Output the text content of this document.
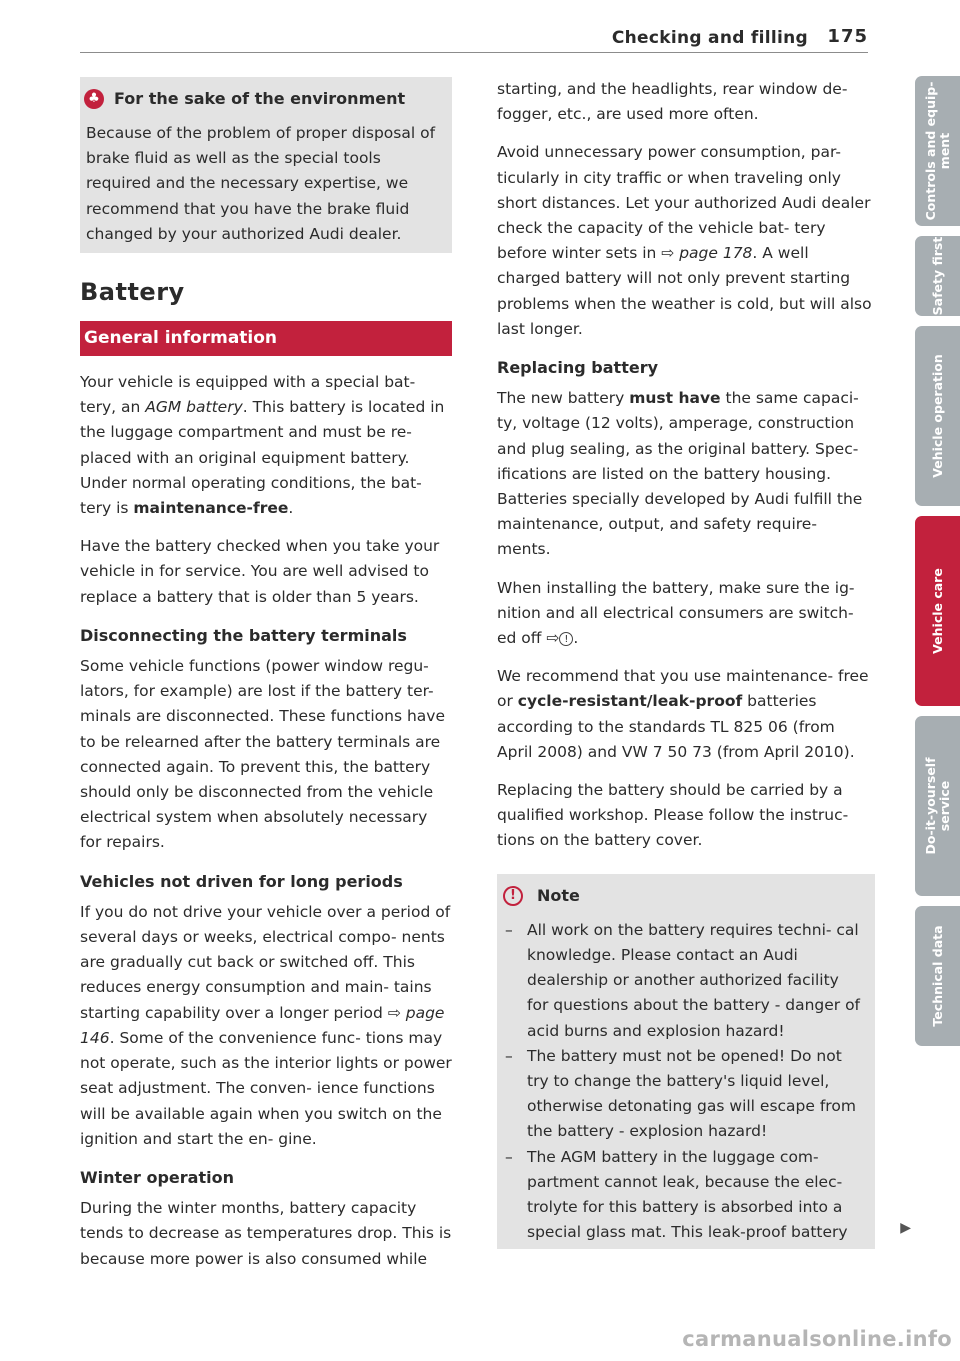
Checking and filling 175
♣ For the sake of the environment

Because of the problem of proper disposal of brake fluid as well as the special tools required and the necessary expertise, we recommend that you have the brake fluid changed by your authorized Audi dealer.

Battery
General information

Your vehicle is equipped with a special bat- tery, an AGM battery. This battery is located in the luggage compartment and must be re- placed with an original equipment battery. Under normal operating conditions, the bat- tery is maintenance-free.

Have the battery checked when you take your vehicle in for service. You are well advised to replace a battery that is older than 5 years.

Disconnecting the battery terminals

Some vehicle functions (power window regu- lators, for example) are lost if the battery ter- minals are disconnected. These functions have to be relearned after the battery terminals are connected again. To prevent this, the battery should only be disconnected from the vehicle electrical system when absolutely necessary for repairs.

Vehicles not driven for long periods

If you do not drive your vehicle over a period of several days or weeks, electrical compo- nents are gradually cut back or switched off. This reduces energy consumption and main- tains starting capability over a longer period ⇨ page 146. Some of the convenience func- tions may not operate, such as the interior lights or power seat adjustment. The conven- ience functions will be available again when you switch on the ignition and start the en- gine.

Winter operation

During the winter months, battery capacity tends to decrease as temperatures drop. This is because more power is also consumed while

starting, and the headlights, rear window de- fogger, etc., are used more often.

Avoid unnecessary power consumption, par- ticularly in city traffic or when traveling only short distances. Let your authorized Audi dealer check the capacity of the vehicle bat- tery before winter sets in ⇨ page 178. A well charged battery will not only prevent starting problems when the weather is cold, but will also last longer.

Replacing battery

The new battery must have the same capaci- ty, voltage (12 volts), amperage, construction and plug sealing, as the original battery. Spec- ifications are listed on the battery housing. Batteries specially developed by Audi fulfill the maintenance, output, and safety require- ments.

When installing the battery, make sure the ig- nition and all electrical consumers are switch- ed off ⇨ ! .

We recommend that you use maintenance- free or cycle-resistant/leak-proof batteries according to the standards TL 825 06 (from April 2008) and VW 7 50 73 (from April 2010).

Replacing the battery should be carried by a qualified workshop. Please follow the instruc- tions on the battery cover.

!	Note
– All work on the battery requires techni- cal knowledge. Please contact an Audi dealership or another authorized facility for questions about the battery - danger of acid burns and explosion hazard!
– The battery must not be opened! Do not try to change the battery's liquid level, otherwise detonating gas will escape from the battery - explosion hazard!
– The AGM battery in the luggage com- partment cannot leak, because the elec- trolyte for this battery is absorbed into a special glass mat. This leak-proof battery	▶
Controls and equip-
ment
Safety first
Vehicle operation
Vehicle care
Do-it-yourself
service
Technical data
carmanualsonline.info
